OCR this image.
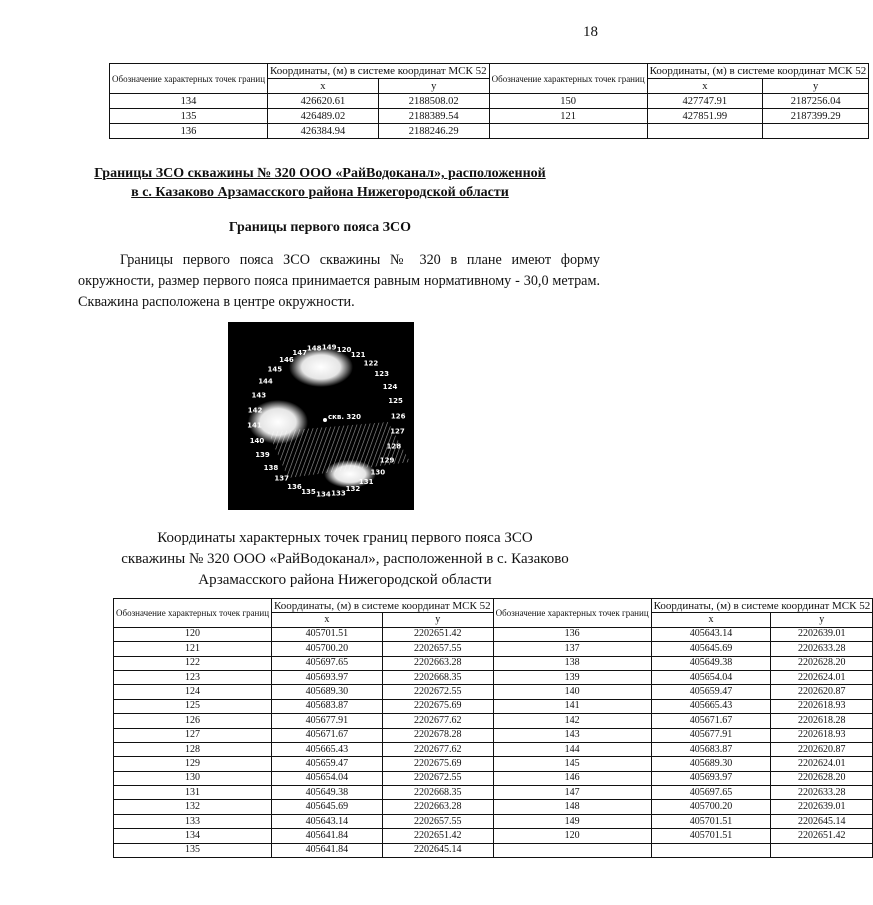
18
Обозначение характерных точек границ	Координаты, (м) в системе координат МСК 52		Обозначение характерных точек границ	Координаты, (м) в системе координат МСК 52	
	x	y		x	y
134	426620.61	2188508.02	150	427747.91	2187256.04
135	426489.02	2188389.54	121	427851.99	2187399.29
136	426384.94	2188246.29			
Границы ЗСО скважины № 320 ООО «РайВодоканал», расположенной
в с. Казаково Арзамасского района Нижегородской области
Границы первого пояса ЗСО
Границы первого пояса ЗСО скважины № 320 в плане имеют форму окружности, размер первого пояса принимается равным нормативному - 30,0 метрам. Скважина расположена в центре окружности.
скв. 320
120
121
122
123
124
125
126
127
128
129
130
131
132
133
134
135
136
137
138
139
140
141
142
143
144
145
146
147
148 149
Координаты характерных точек границ первого пояса ЗСО
скважины № 320 ООО «РайВодоканал», расположенной в с. Казаково
Арзамасского района Нижегородской области
Обозначение характерных точек границ	Координаты, (м) в системе координат МСК 52		Обозначение характерных точек границ	Координаты, (м) в системе координат МСК 52	
	x	y		x	y
120	405701.51	2202651.42	136	405643.14	2202639.01
121	405700.20	2202657.55	137	405645.69	2202633.28
122	405697.65	2202663.28	138	405649.38	2202628.20
123	405693.97	2202668.35	139	405654.04	2202624.01
124	405689.30	2202672.55	140	405659.47	2202620.87
125	405683.87	2202675.69	141	405665.43	2202618.93
126	405677.91	2202677.62	142	405671.67	2202618.28
127	405671.67	2202678.28	143	405677.91	2202618.93
128	405665.43	2202677.62	144	405683.87	2202620.87
129	405659.47	2202675.69	145	405689.30	2202624.01
130	405654.04	2202672.55	146	405693.97	2202628.20
131	405649.38	2202668.35	147	405697.65	2202633.28
132	405645.69	2202663.28	148	405700.20	2202639.01
133	405643.14	2202657.55	149	405701.51	2202645.14
134	405641.84	2202651.42	120	405701.51	2202651.42
135	405641.84	2202645.14			
